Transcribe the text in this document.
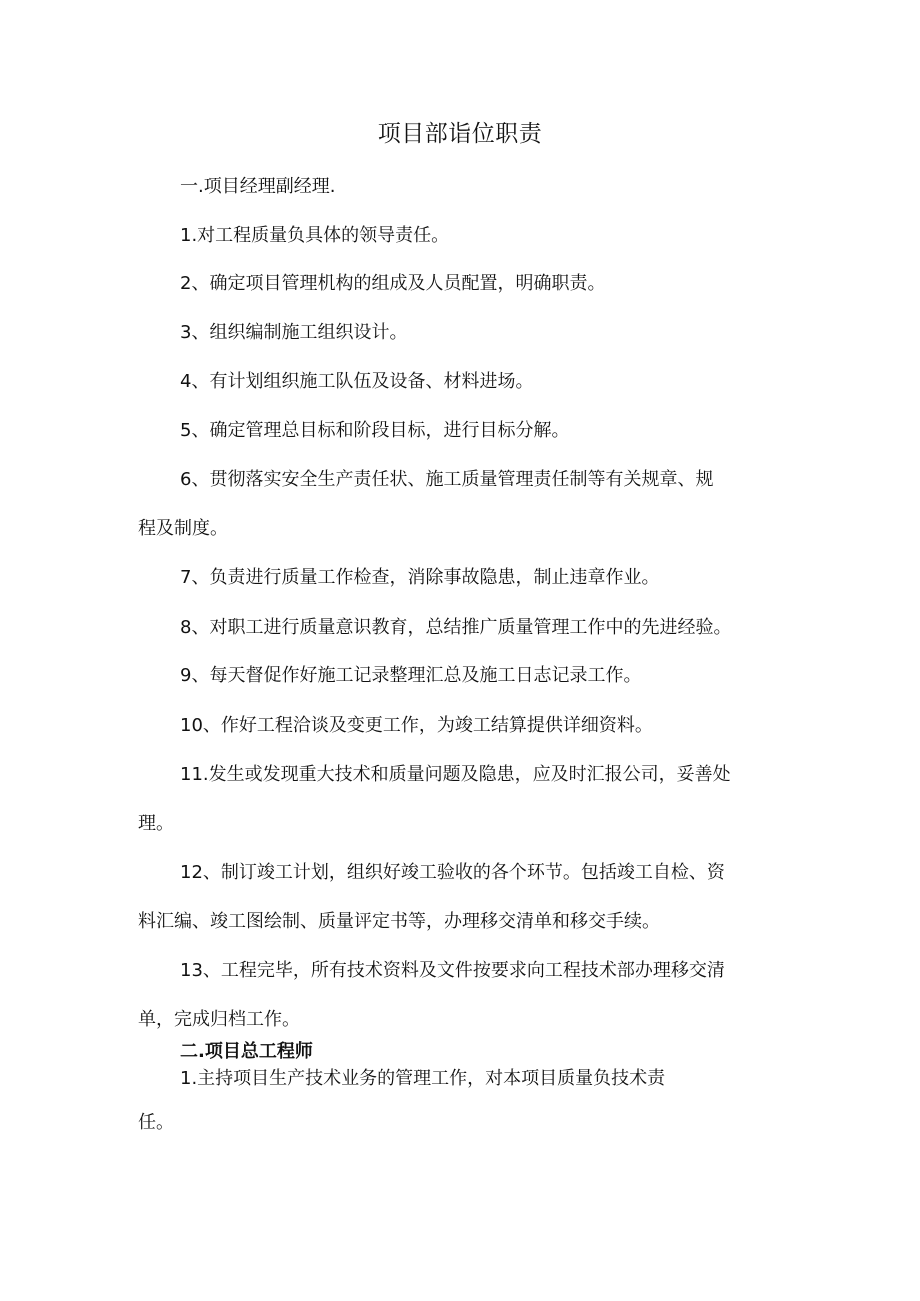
项目部诣位职责
一.项目经理副经理.
1.对工程质量负具体的领导责任。
2、确定项目管理机构的组成及人员配置，明确职责。
3、组织编制施工组织设计。
4、有计划组织施工队伍及设备、材料进场。
5、确定管理总目标和阶段目标，进行目标分解。
6、贯彻落实安全生产责任状、施工质量管理责任制等有关规章、规
程及制度。
7、负责进行质量工作检查，消除事故隐患，制止违章作业。
8、对职工进行质量意识教育，总结推广质量管理工作中的先进经验。
9、每天督促作好施工记录整理汇总及施工日志记录工作。
10、作好工程洽谈及变更工作，为竣工结算提供详细资料。
11.发生或发现重大技术和质量问题及隐患，应及时汇报公司，妥善处
理。
12、制订竣工计划，组织好竣工验收的各个环节。包括竣工自检、资
料汇编、竣工图绘制、质量评定书等，办理移交清单和移交手续。
13、工程完毕，所有技术资料及文件按要求向工程技术部办理移交清
单，完成归档工作。
二.项目总工程师
1.主持项目生产技术业务的管理工作，对本项目质量负技术责
任。
